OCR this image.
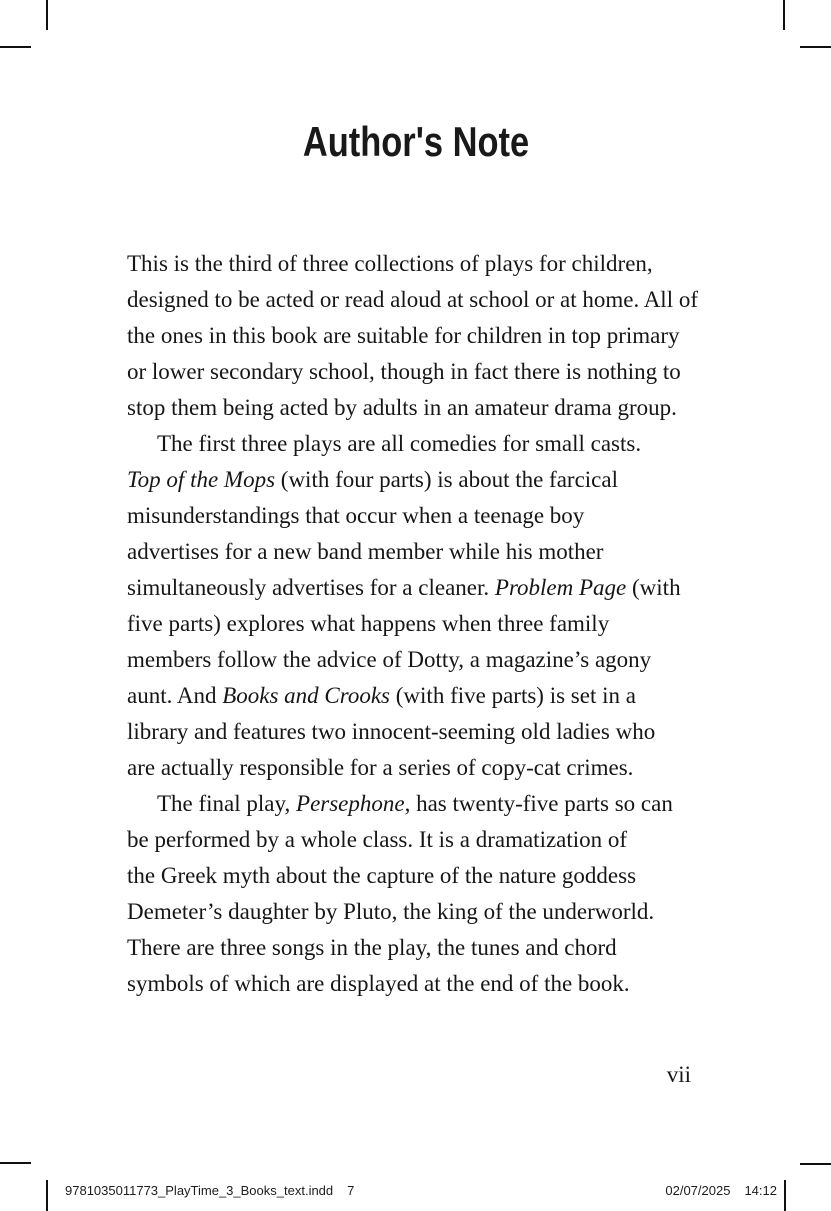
Author's Note
This is the third of three collections of plays for children,
designed to be acted or read aloud at school or at home. All of
the ones in this book are suitable for children in top primary
or lower secondary school, though in fact there is nothing to
stop them being acted by adults in an amateur drama group.
The first three plays are all comedies for small casts.
Top of the Mops (with four parts) is about the farcical
misunderstandings that occur when a teenage boy
advertises for a new band member while his mother
simultaneously advertises for a cleaner. Problem Page (with
five parts) explores what happens when three family
members follow the advice of Dotty, a magazine’s agony
aunt. And Books and Crooks (with five parts) is set in a
library and features two innocent-seeming old ladies who
are actually responsible for a series of copy-cat crimes.
The final play, Persephone, has twenty-five parts so can
be performed by a whole class. It is a dramatization of
the Greek myth about the capture of the nature goddess
Demeter’s daughter by Pluto, the king of the underworld.
There are three songs in the play, the tunes and chord
symbols of which are displayed at the end of the book.
vii
9781035011773_PlayTime_3_Books_text.indd 7	02/07/2025 14:12
